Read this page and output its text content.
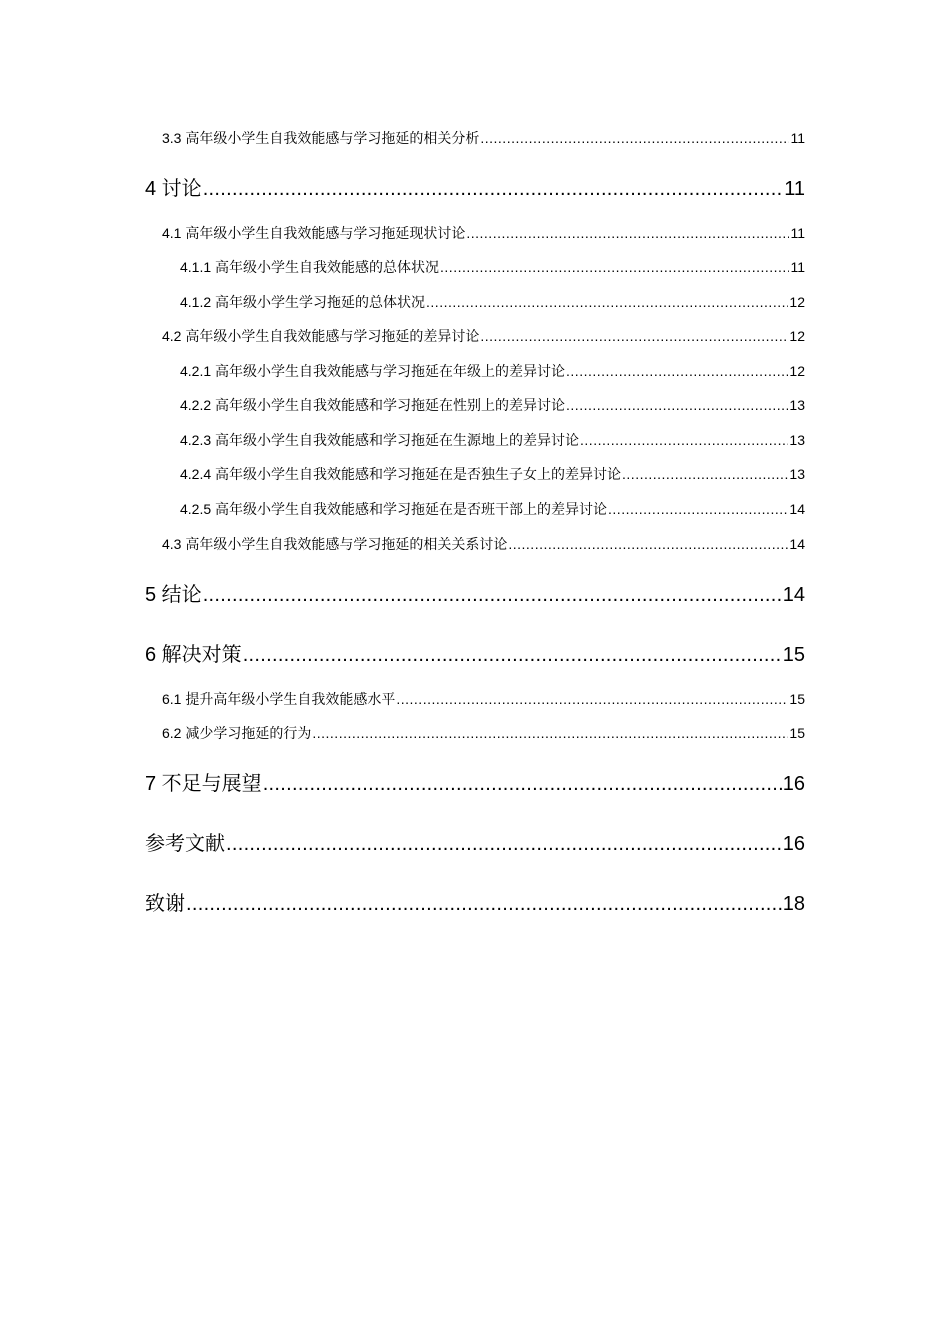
3.3 高年级小学生自我效能感与学习拖延的相关分析 .....	11
4 讨论 .....	11
4.1 高年级小学生自我效能感与学习拖延现状讨论 .....	11
4.1.1 高年级小学生自我效能感的总体状况 .....	11
4.1.2 高年级小学生学习拖延的总体状况 .....	12
4.2 高年级小学生自我效能感与学习拖延的差异讨论 .....	12
4.2.1 高年级小学生自我效能感与学习拖延在年级上的差异讨论 .....	12
4.2.2 高年级小学生自我效能感和学习拖延在性别上的差异讨论 .....	13
4.2.3 高年级小学生自我效能感和学习拖延在生源地上的差异讨论 .....	13
4.2.4 高年级小学生自我效能感和学习拖延在是否独生子女上的差异讨论 .....	13
4.2.5 高年级小学生自我效能感和学习拖延在是否班干部上的差异讨论 .....	14
4.3 高年级小学生自我效能感与学习拖延的相关关系讨论 .....	14
5 结论 .....	14
6 解决对策 .....	15
6.1 提升高年级小学生自我效能感水平 .....	15
6.2 减少学习拖延的行为 .....	15
7 不足与展望 .....	16
参考文献 .....	16
致谢 .....	18
